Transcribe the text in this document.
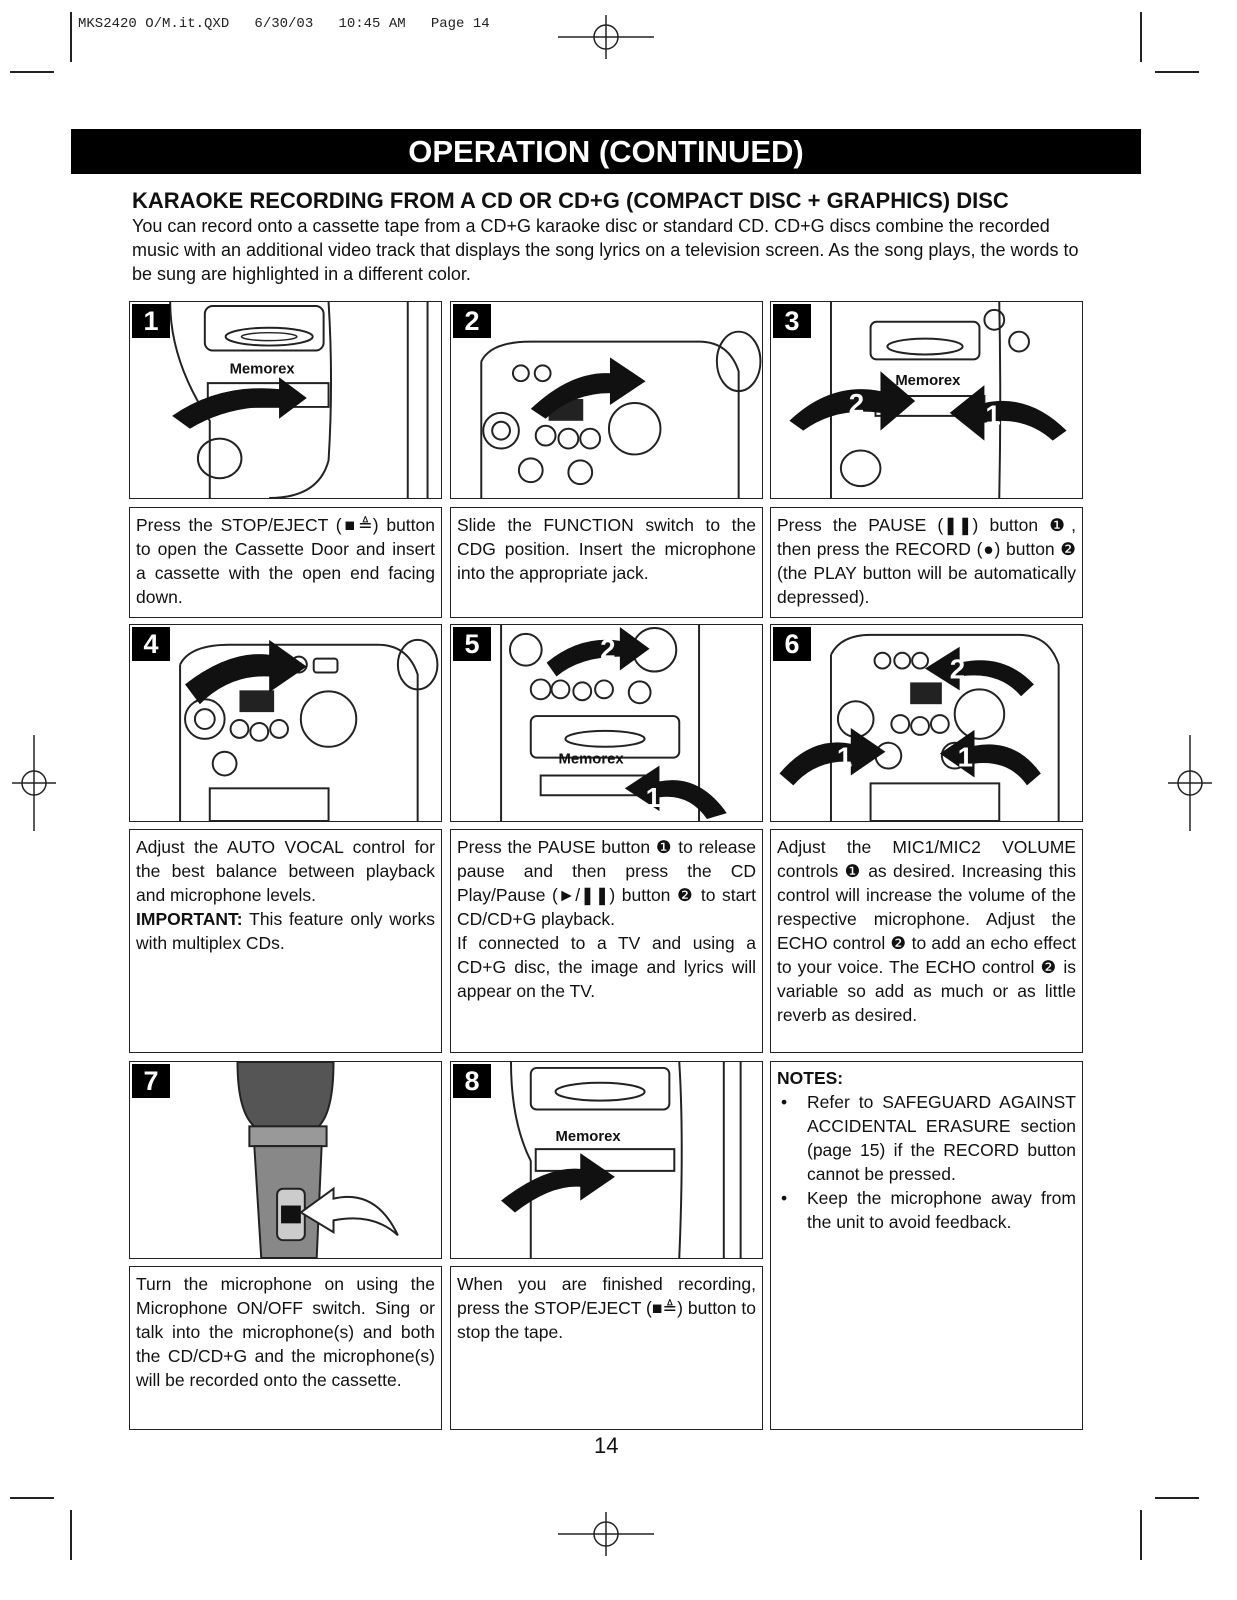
MKS2420 O/M.it.QXD   6/30/03   10:45 AM   Page 14
OPERATION (CONTINUED)
KARAOKE RECORDING FROM A CD OR CD+G (COMPACT DISC + GRAPHICS) DISC
You can record onto a cassette tape from a CD+G karaoke disc or standard CD. CD+G discs combine the recorded music with an additional video track that displays the song lyrics on a television screen. As the song plays, the words to be sung are highlighted in a different color.
1
Memorex
2	3
Memorex
2	1

Press the STOP/EJECT (■≜) button to open the Cassette Door and insert a cassette with the open end facing down.

Slide the FUNCTION switch to the CDG position. Insert the microphone into the appropriate jack.

Press the PAUSE (❚❚) button ❶, then press the RECORD (●) button ❷ (the PLAY button will be automatically depressed).

4	5
Memorex
2
1
6
2
1	1

Adjust the AUTO VOCAL control for the best balance between playback and microphone levels.

IMPORTANT: This feature only works with multiplex CDs.

Press the PAUSE button ❶ to release pause and then press the CD Play/Pause (►/❚❚) button ❷ to start CD/CD+G playback.

If connected to a TV and using a CD+G disc, the image and lyrics will appear on the TV.

Adjust the MIC1/MIC2 VOLUME controls ❶ as desired. Increasing this control will increase the volume of the respective microphone. Adjust the ECHO control ❷ to add an echo effect to your voice. The ECHO control ❷ is variable so add as much or as little reverb as desired.

7	8
Memorex

Turn the microphone on using the Microphone ON/OFF switch. Sing or talk into the microphone(s) and both the CD/CD+G and the microphone(s) will be recorded onto the cassette.

When you are finished recording, press the STOP/EJECT (■≜) button to stop the tape.

NOTES:
• Refer to SAFEGUARD AGAINST ACCIDENTAL ERASURE section (page 15) if the RECORD button cannot be pressed.
• Keep the microphone away from the unit to avoid feedback.
14
